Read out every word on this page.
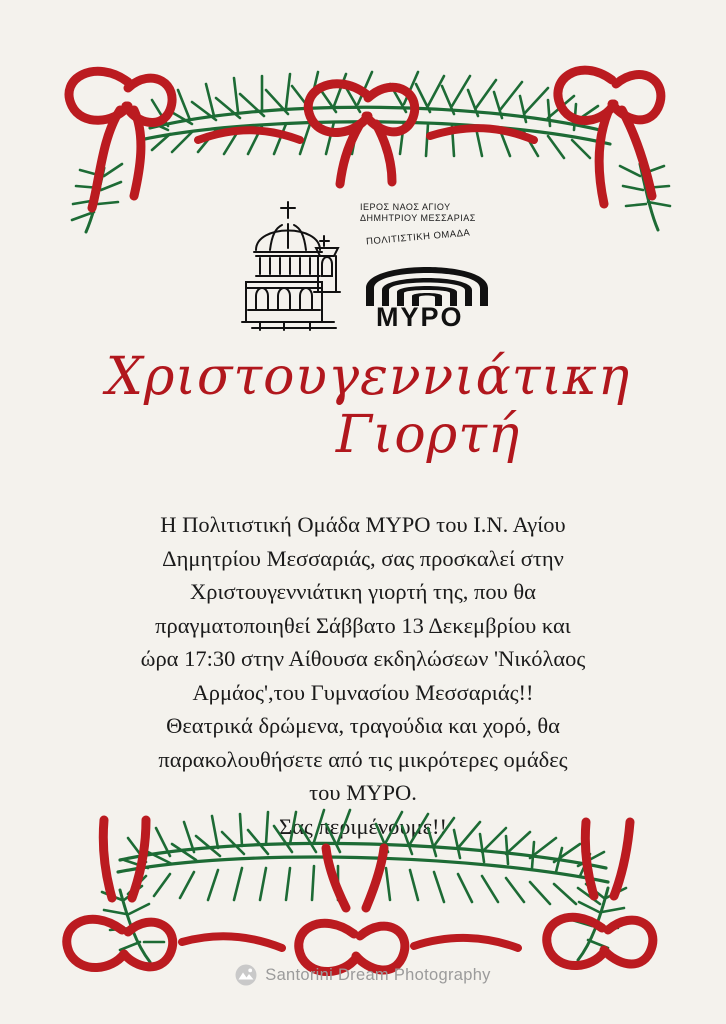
ΙΕΡΟΣ ΝΑΟΣ ΑΓΙΟΥ
ΔΗΜΗΤΡΙΟΥ ΜΕΣΣΑΡΙΑΣ
ΠΟΛΙΤΙΣΤΙΚΗ ΟΜΑΔΑ
ΜΥΡΟ
Χριστουγεννιάτικη
Γιορτή

Η Πολιτιστική Ομάδα ΜΥΡΟ του Ι.Ν. Αγίου

Δημητρίου Μεσσαριάς, σας προσκαλεί στην

Χριστουγεννιάτικη γιορτή της, που θα

πραγματοποιηθεί Σάββατο 13 Δεκεμβρίου και

ώρα 17:30 στην Αίθουσα εκδηλώσεων 'Νικόλαος

Αρμάος',του Γυμνασίου Μεσσαριάς!!

Θεατρικά δρώμενα, τραγούδια και χορό, θα

παρακολουθήσετε από τις μικρότερες ομάδες

του ΜΥΡΟ.

Σας περιμένουμε!!

Santorini Dream Photography
